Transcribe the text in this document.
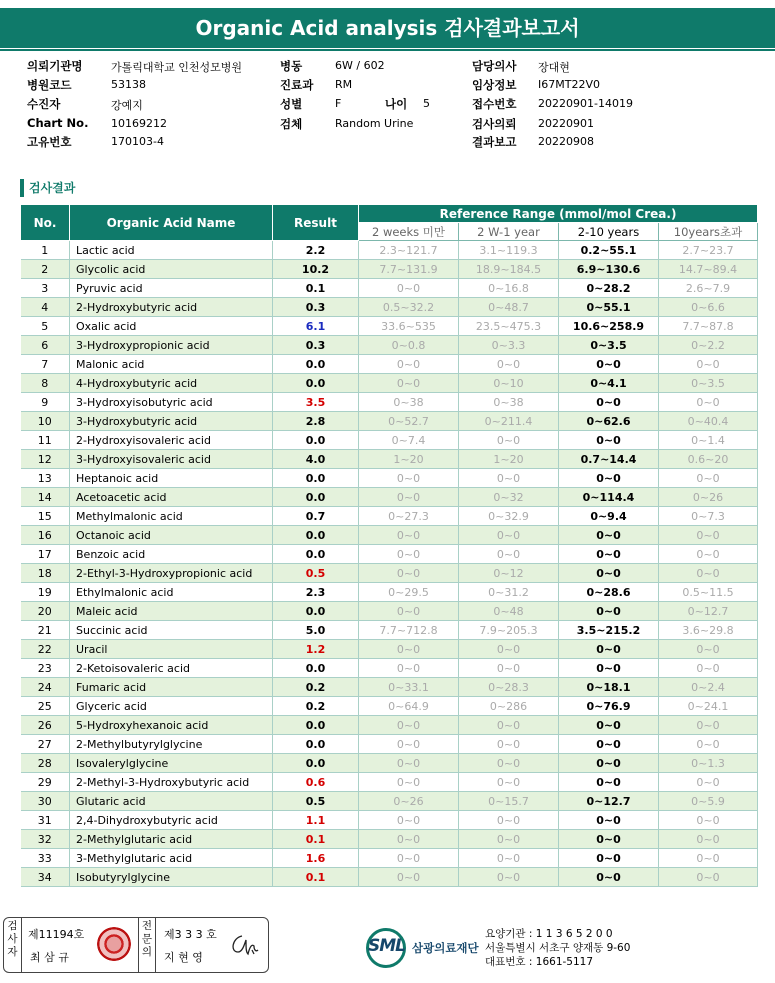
Organic Acid analysis 검사결과보고서
의뢰기관명	가톨릭대학교 인천성모병원
병원코드	53138
수진자	강예지
Chart No. 10169212
고유번호	170103-4
병동	6W / 602
진료과 RM
성별	F
검체	Random Urine
나이 5
담당의사 장대현
임상정보 I67MT22V0
접수번호 20220901-14019
검사의뢰 20220901
결과보고 20220908
검사결과
No.	Organic Acid Name	Result	Reference Range (mmol/mol Crea.)			
			2 weeks 미만	2 W-1 year	2-10 years	10years초과
1	Lactic acid	2.2	2.3~121.7	3.1~119.3	0.2~55.1	2.7~23.7
2	Glycolic acid	10.2	7.7~131.9	18.9~184.5	6.9~130.6	14.7~89.4
3	Pyruvic acid	0.1	0~0	0~16.8	0~28.2	2.6~7.9
4	2-Hydroxybutyric acid	0.3	0.5~32.2	0~48.7	0~55.1	0~6.6
5	Oxalic acid	6.1	33.6~535	23.5~475.3	10.6~258.9	7.7~87.8
6	3-Hydroxypropionic acid	0.3	0~0.8	0~3.3	0~3.5	0~2.2
7	Malonic acid	0.0	0~0	0~0	0~0	0~0
8	4-Hydroxybutyric acid	0.0	0~0	0~10	0~4.1	0~3.5
9	3-Hydroxyisobutyric acid	3.5	0~38	0~38	0~0	0~0
10	3-Hydroxybutyric acid	2.8	0~52.7	0~211.4	0~62.6	0~40.4
11	2-Hydroxyisovaleric acid	0.0	0~7.4	0~0	0~0	0~1.4
12	3-Hydroxyisovaleric acid	4.0	1~20	1~20	0.7~14.4	0.6~20
13	Heptanoic acid	0.0	0~0	0~0	0~0	0~0
14	Acetoacetic acid	0.0	0~0	0~32	0~114.4	0~26
15	Methylmalonic acid	0.7	0~27.3	0~32.9	0~9.4	0~7.3
16	Octanoic acid	0.0	0~0	0~0	0~0	0~0
17	Benzoic acid	0.0	0~0	0~0	0~0	0~0
18	2-Ethyl-3-Hydroxypropionic acid	0.5	0~0	0~12	0~0	0~0
19	Ethylmalonic acid	2.3	0~29.5	0~31.2	0~28.6	0.5~11.5
20	Maleic acid	0.0	0~0	0~48	0~0	0~12.7
21	Succinic acid	5.0	7.7~712.8	7.9~205.3	3.5~215.2	3.6~29.8
22	Uracil	1.2	0~0	0~0	0~0	0~0
23	2-Ketoisovaleric acid	0.0	0~0	0~0	0~0	0~0
24	Fumaric acid	0.2	0~33.1	0~28.3	0~18.1	0~2.4
25	Glyceric acid	0.2	0~64.9	0~286	0~76.9	0~24.1
26	5-Hydroxyhexanoic acid	0.0	0~0	0~0	0~0	0~0
27	2-Methylbutyrylglycine	0.0	0~0	0~0	0~0	0~0
28	Isovalerylglycine	0.0	0~0	0~0	0~0	0~1.3
29	2-Methyl-3-Hydroxybutyric acid	0.6	0~0	0~0	0~0	0~0
30	Glutaric acid	0.5	0~26	0~15.7	0~12.7	0~5.9
31	2,4-Dihydroxybutyric acid	1.1	0~0	0~0	0~0	0~0
32	2-Methylglutaric acid	0.1	0~0	0~0	0~0	0~0
33	3-Methylglutaric acid	1.6	0~0	0~0	0~0	0~0
34	Isobutyrylglycine	0.1	0~0	0~0	0~0	0~0
검
사
자
제11194호
최 삼 규
전
문
의
제3 3 3 호
지 현 영
SML 삼광의료재단
요양기관 : 1 1 3 6 5 2 0 0
서울특별시 서초구 양재동 9-60
대표번호 : 1661-5117
